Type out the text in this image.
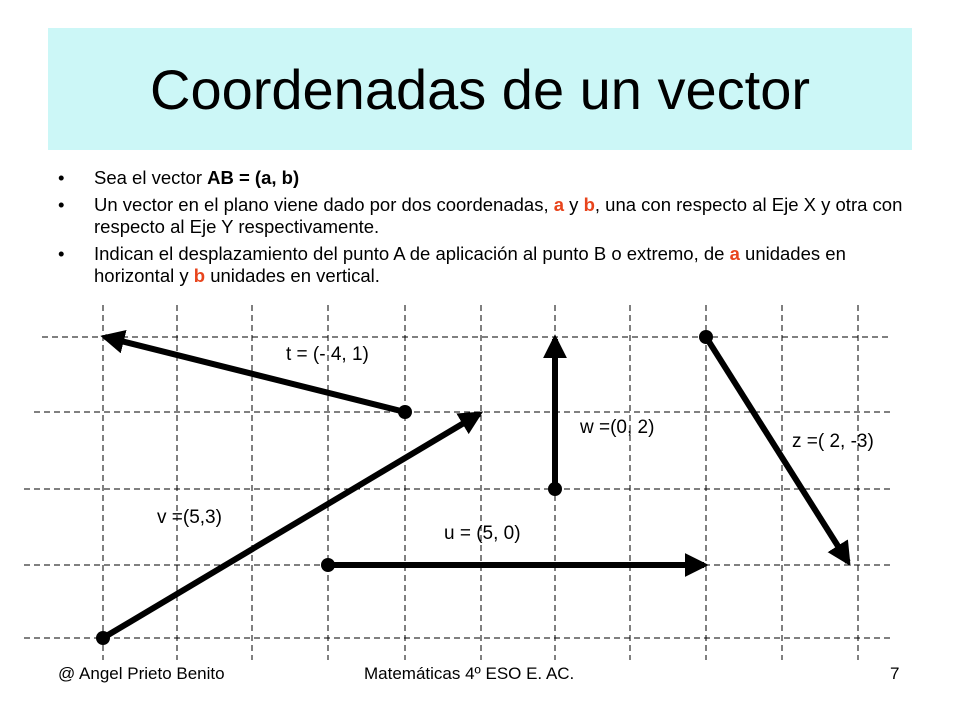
Coordenadas de un vector
• Sea el vector AB = (a, b)
• Un vector en el plano viene dado por dos coordenadas, a y b, una con respecto al Eje X y otra con respecto al Eje Y respectivamente.
• Indican el desplazamiento del punto A de aplicación al punto B o extremo, de a unidades en horizontal y b unidades en vertical.
t = (- 4, 1)
w =(0, 2)
z =( 2, -3)
v =(5,3)
u = (5, 0)
@ Angel Prieto Benito	Matemáticas 4º ESO E. AC.	7
